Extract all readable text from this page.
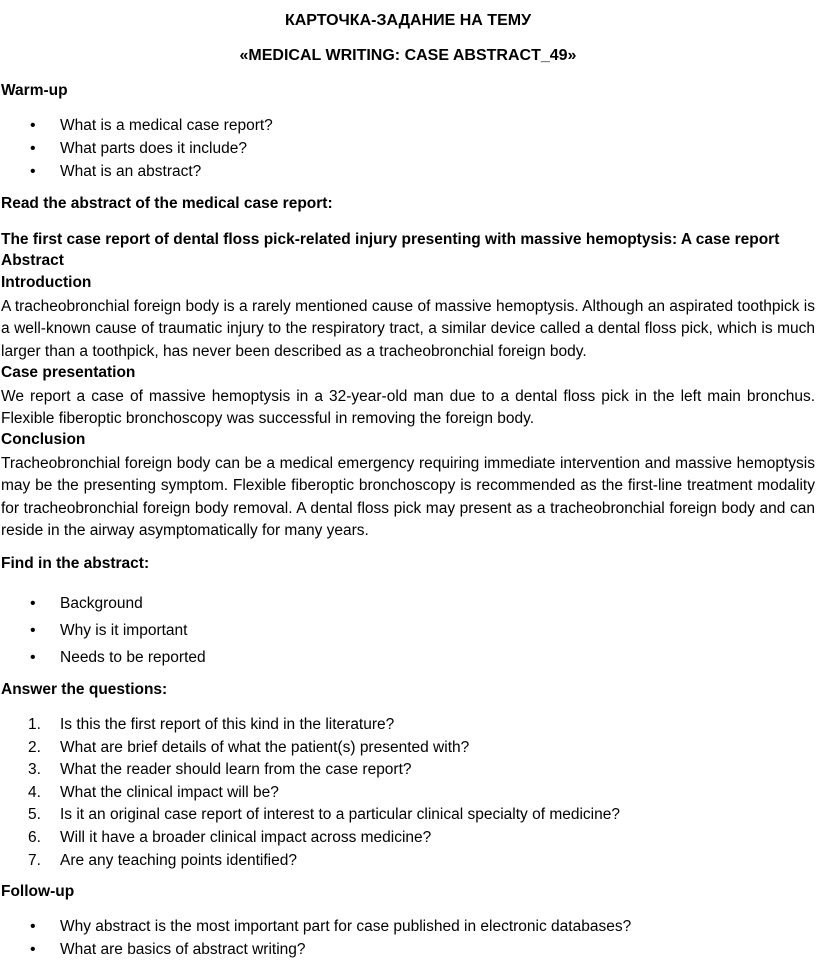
КАРТОЧКА-ЗАДАНИЕ НА ТЕМУ
«MEDICAL WRITING: CASE ABSTRACT_49»
Warm-up
• What is a medical case report?
• What parts does it include?
• What is an abstract?
Read the abstract of the medical case report:
The first case report of dental floss pick-related injury presenting with massive hemoptysis: A case report
Abstract
Introduction
A tracheobronchial foreign body is a rarely mentioned cause of massive hemoptysis. Although an aspirated toothpick is a well-known cause of traumatic injury to the respiratory tract, a similar device called a dental floss pick, which is much larger than a toothpick, has never been described as a tracheobronchial foreign body.
Case presentation
We report a case of massive hemoptysis in a 32-year-old man due to a dental floss pick in the left main bronchus. Flexible fiberoptic bronchoscopy was successful in removing the foreign body.
Conclusion
Tracheobronchial foreign body can be a medical emergency requiring immediate intervention and massive hemoptysis may be the presenting symptom. Flexible fiberoptic bronchoscopy is recommended as the first-line treatment modality for tracheobronchial foreign body removal. A dental floss pick may present as a tracheobronchial foreign body and can reside in the airway asymptomatically for many years.
Find in the abstract:
• Background
• Why is it important
• Needs to be reported
Answer the questions:
1. Is this the first report of this kind in the literature?
2. What are brief details of what the patient(s) presented with?
3. What the reader should learn from the case report?
4. What the clinical impact will be?
5. Is it an original case report of interest to a particular clinical specialty of medicine?
6. Will it have a broader clinical impact across medicine?
7. Are any teaching points identified?
Follow-up
• Why abstract is the most important part for case published in electronic databases?
• What are basics of abstract writing?
